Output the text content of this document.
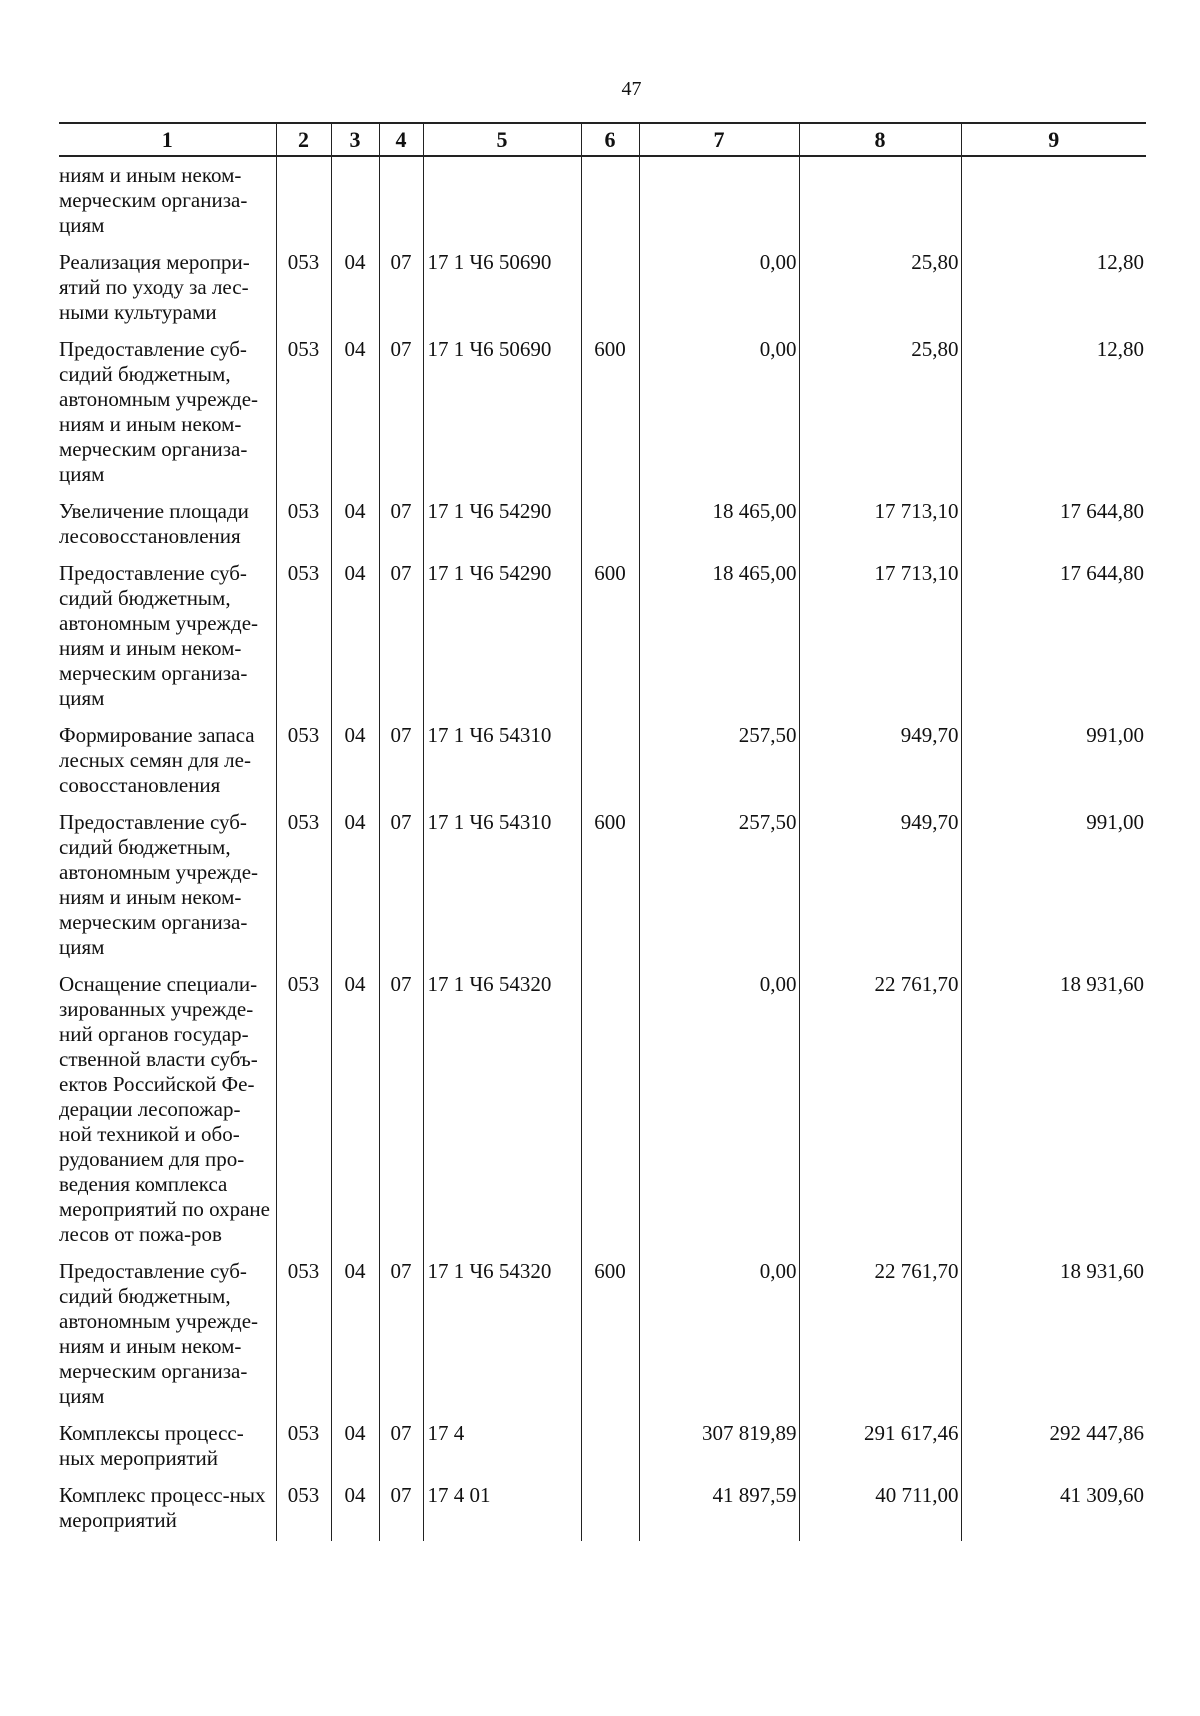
47
1	2	3	4	5	6	7	8	9
ниям и иным неком-мерческим организа-циям								
Реализация меропри-ятий по уходу за лес-ными культурами	053	04	07	17 1 Ч6 50690		0,00	25,80	12,80
Предоставление суб-сидий бюджетным, автономным учрежде-ниям и иным неком-мерческим организа-циям	053	04	07	17 1 Ч6 50690	600	0,00	25,80	12,80
Увеличение площади лесовосстановления	053	04	07	17 1 Ч6 54290		18 465,00	17 713,10	17 644,80
Предоставление суб-сидий бюджетным, автономным учрежде-ниям и иным неком-мерческим организа-циям	053	04	07	17 1 Ч6 54290	600	18 465,00	17 713,10	17 644,80
Формирование запаса лесных семян для ле-совосстановления	053	04	07	17 1 Ч6 54310		257,50	949,70	991,00
Предоставление суб-сидий бюджетным, автономным учрежде-ниям и иным неком-мерческим организа-циям	053	04	07	17 1 Ч6 54310	600	257,50	949,70	991,00
Оснащение специали-зированных учрежде-ний органов государ-ственной власти субъ-ектов Российской Фе-дерации лесопожар-ной техникой и обо-рудованием для про-ведения комплекса мероприятий по охране лесов от пожа-ров	053	04	07	17 1 Ч6 54320		0,00	22 761,70	18 931,60
Предоставление суб-сидий бюджетным, автономным учрежде-ниям и иным неком-мерческим организа-циям	053	04	07	17 1 Ч6 54320	600	0,00	22 761,70	18 931,60
Комплексы процесс-ных мероприятий	053	04	07	17 4		307 819,89	291 617,46	292 447,86
Комплекс процесс-ных мероприятий	053	04	07	17 4 01		41 897,59	40 711,00	41 309,60
